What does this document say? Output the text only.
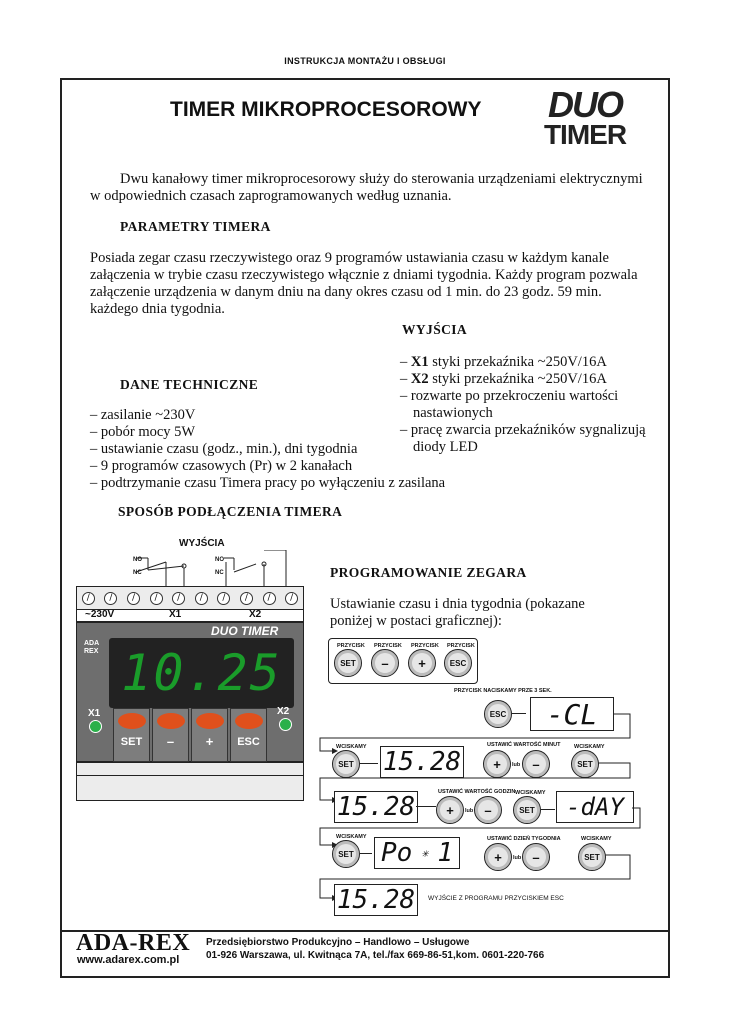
INSTRUKCJA MONTAŻU I OBSŁUGI
TIMER MIKROPROCESOROWY DUO
TIMER
Dwu kanałowy timer mikroprocesorowy służy do sterowania urządzeniami elektrycznymi w odpowiednich czasach zaprogramowanych według uznania.
PARAMETRY TIMERA
Posiada zegar czasu rzeczywistego oraz 9 programów ustawiania czasu w każdym kanale załączenia w trybie czasu rzeczywistego włącznie z dniami tygodnia. Każdy program pozwala załączenie urządzenia w danym dniu na dany okres czasu od 1 min. do 23 godz. 59 min. każdego dnia tygodnia.
WYJŚCIA
– X1 styki przekaźnika ~250V/16A
– X2 styki przekaźnika ~250V/16A
– rozwarte po przekroczeniu wartości nastawionych
– pracę zwarcia przekaźników sygnalizują diody LED
DANE TECHNICZNE
– zasilanie ~230V
– pobór mocy 5W
– ustawianie czasu (godz., min.), dni tygodnia
– 9 programów czasowych (Pr) w 2 kanałach
– podtrzymanie czasu Timera pracy po wyłączeniu z zasilana
SPOSÓB PODŁĄCZENIA TIMERA
WYJŚCIA
NO
NC
NO
NC
/	/	/	/	/	/	/	/	/	/
~230V	X1	X2
ADA REX
DUO TIMER
10.25
X1	X2
SET	–	+	ESC
PROGRAMOWANIE ZEGARA
Ustawianie czasu i dnia tygodnia (pokazane poniżej w postaci graficznej):
PRZYCISK PRZYCISK PRZYCISK PRZYCISK
SET	–	+	ESC
PRZYCISK NACISKAMY PRZE 3 SEK.
ESC	-CL
WCISKAMY
SET 15.28
USTAWIĆ WARTOŚĆ MINUT
+	lub –
WCISKAMY
SET
15.28	USTAWIĆ WARTOŚĆ GODZIN
+	lub –
WCISKAMY
SET	-dAY
WCISKAMY
SET Po ✳ 1	USTAWIĆ DZIEŃ TYGODNIA
+	lub –
WCISKAMY
SET
15.28	WYJŚCIE Z PROGRAMU PRZYCISKIEM ESC
ADA-REX
www.adarex.com.pl
Przedsiębiorstwo Produkcyjno – Handlowo – Usługowe
01-926 Warszawa, ul. Kwitnąca 7A, tel./fax 669-86-51,kom. 0601-220-766
